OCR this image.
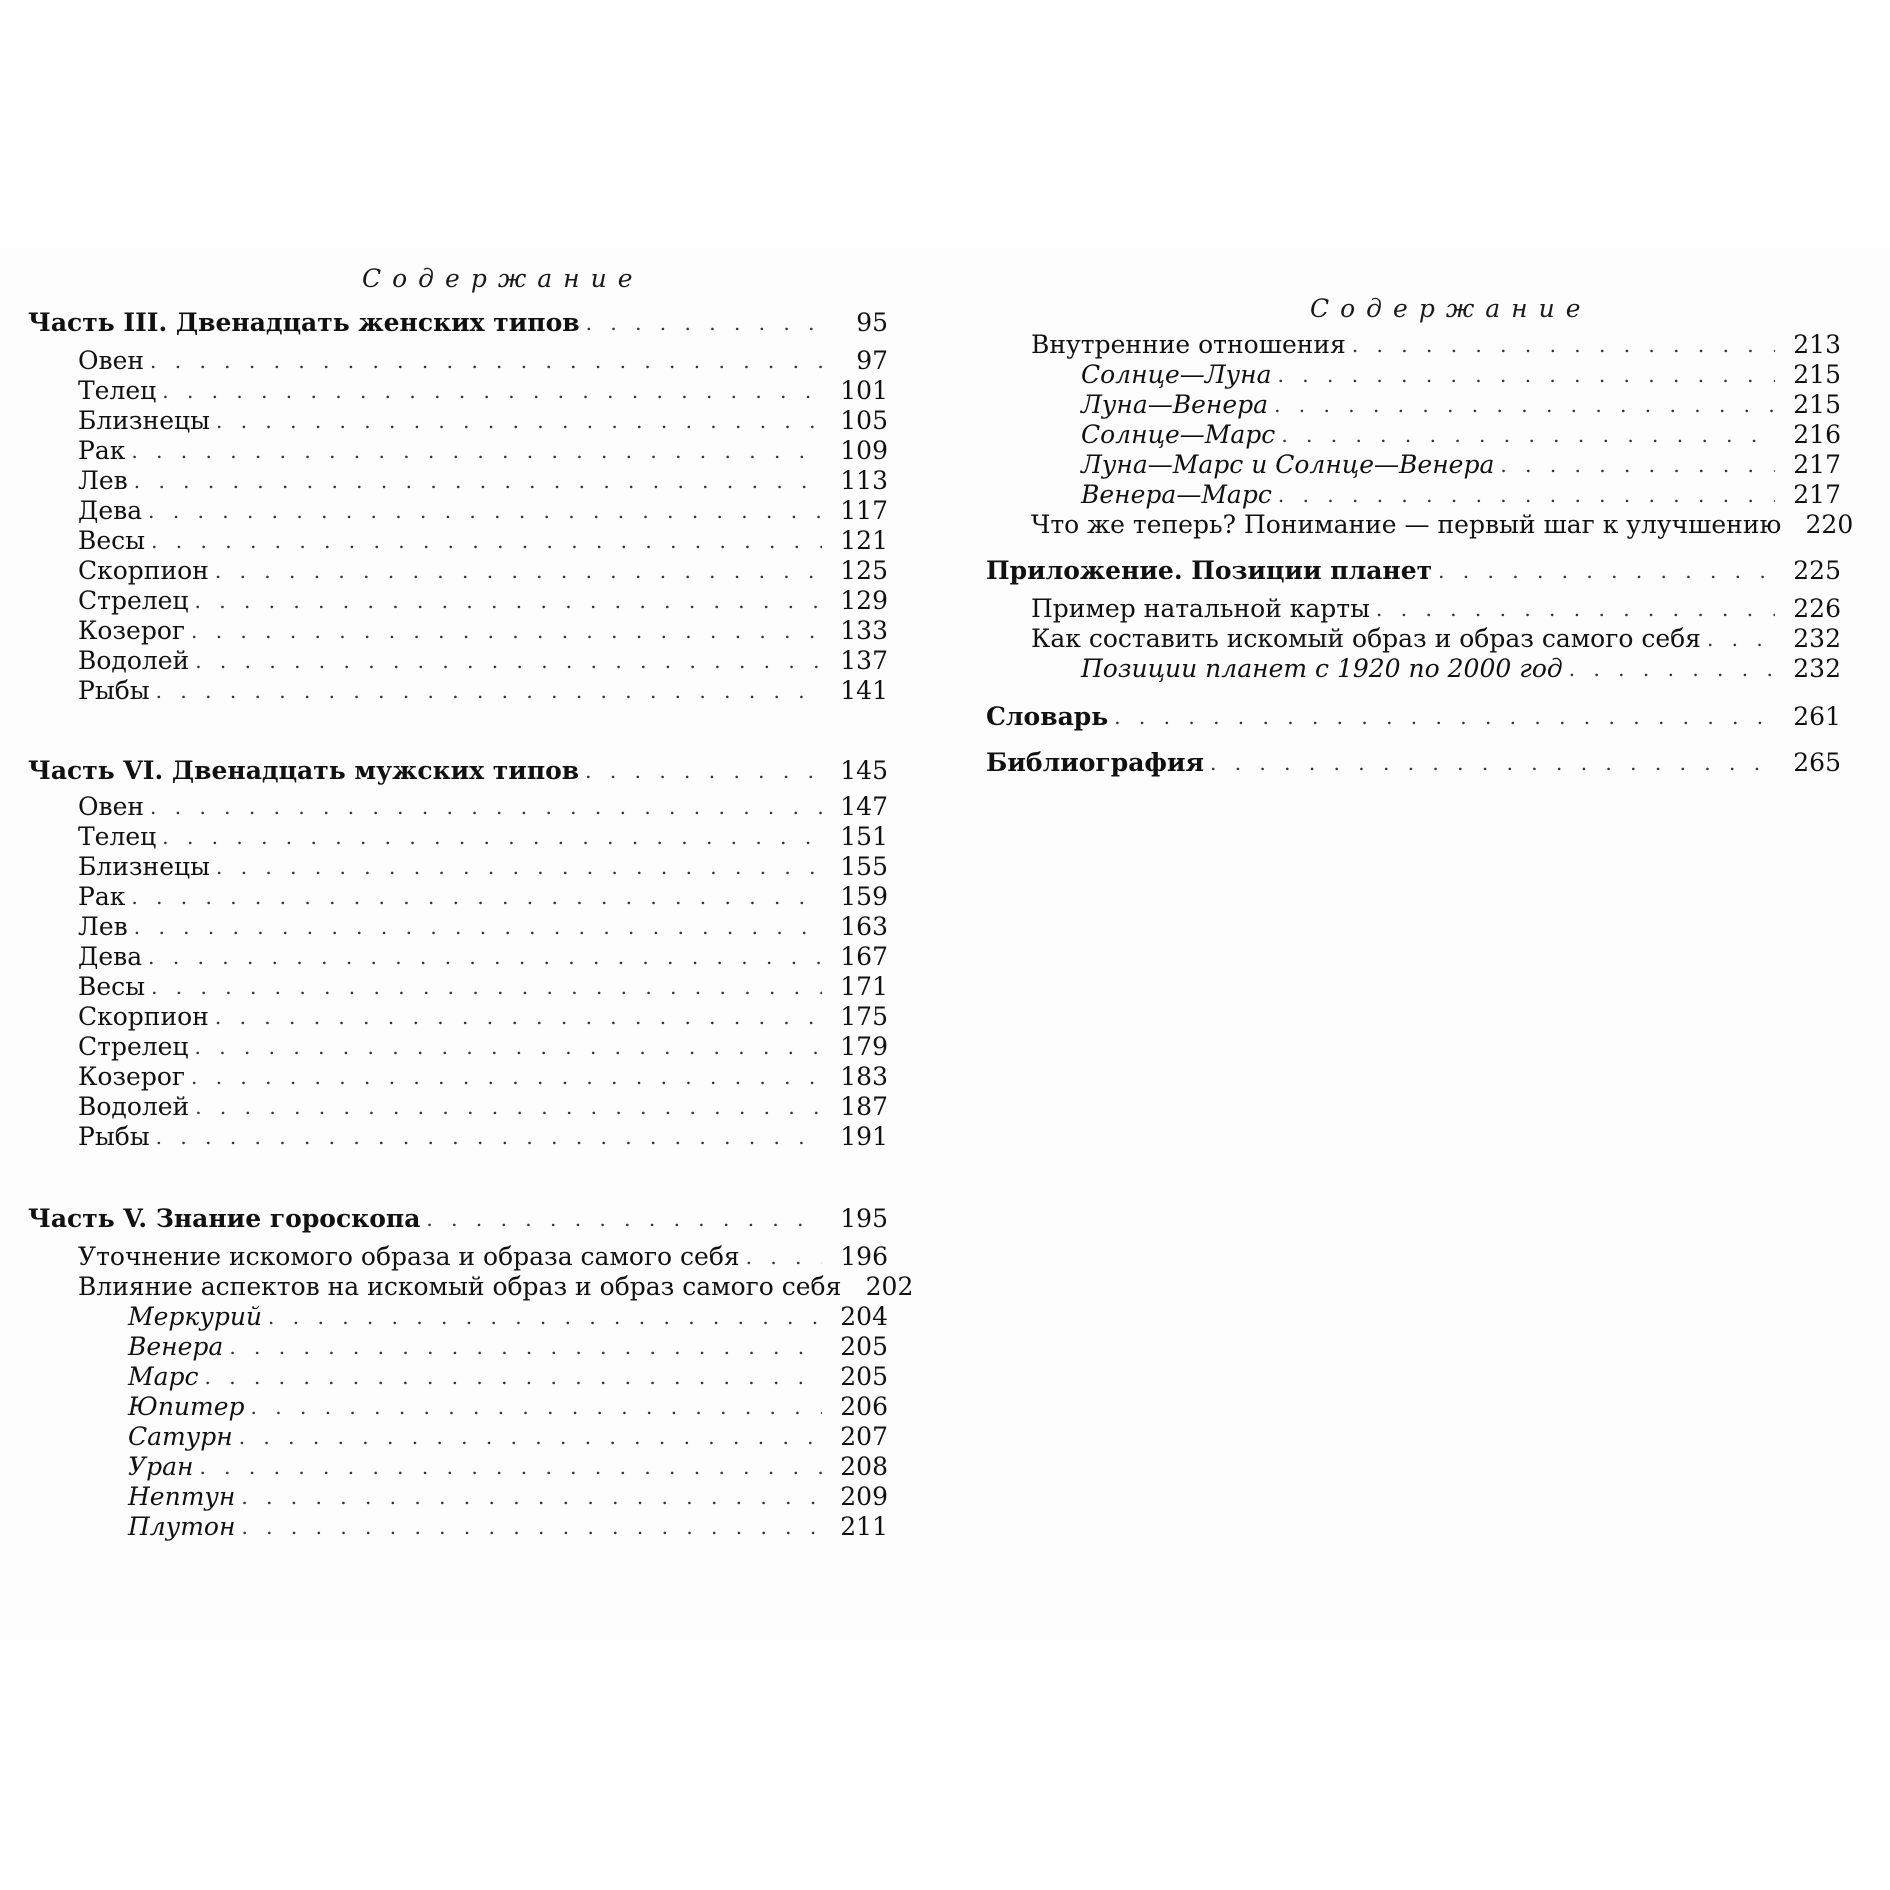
Содержание
Содержание
Часть III. Двенадцать женских типов . . .	95
Овен . . .	97
Телец . . .	101
Близнецы . . .	105
Рак . . .	109
Лев . . .	113
Дева . . .	117
Весы . . .	121
Скорпион . . .	125
Стрелец . . .	129
Козерог . . .	133
Водолей . . .	137
Рыбы . . .	141
Часть VI. Двенадцать мужских типов . . .	145
Овен . . .	147
Телец . . .	151
Близнецы . . .	155
Рак . . .	159
Лев . . .	163
Дева . . .	167
Весы . . .	171
Скорпион . . .	175
Стрелец . . .	179
Козерог . . .	183
Водолей . . .	187
Рыбы . . .	191
Часть V. Знание гороскопа . . .	195
Уточнение искомого образа и образа самого себя . . .	196
Влияние аспектов на искомый образ и образ самого себя 202
Меркурий . . .	204
Венера . . .	205
Марс . . .	205
Юпитер . . .	206
Сатурн . . .	207
Уран . . .	208
Нептун . . .	209
Плутон . . .	211
Внутренние отношения . . .	213
Солнце—Луна . . .	215
Луна—Венера . . .	215
Солнце—Марс . . .	216
Луна—Марс и Солнце—Венера . . .	217
Венера—Марс . . .	217
Что же теперь? Понимание — первый шаг к улучшению 220
Приложение. Позиции планет . . .	225
Пример натальной карты . . .	226
Как составить искомый образ и образ самого себя . . .	232
Позиции планет с 1920 по 2000 год . . .	232
Словарь . . .	261
Библиография . . .	265
